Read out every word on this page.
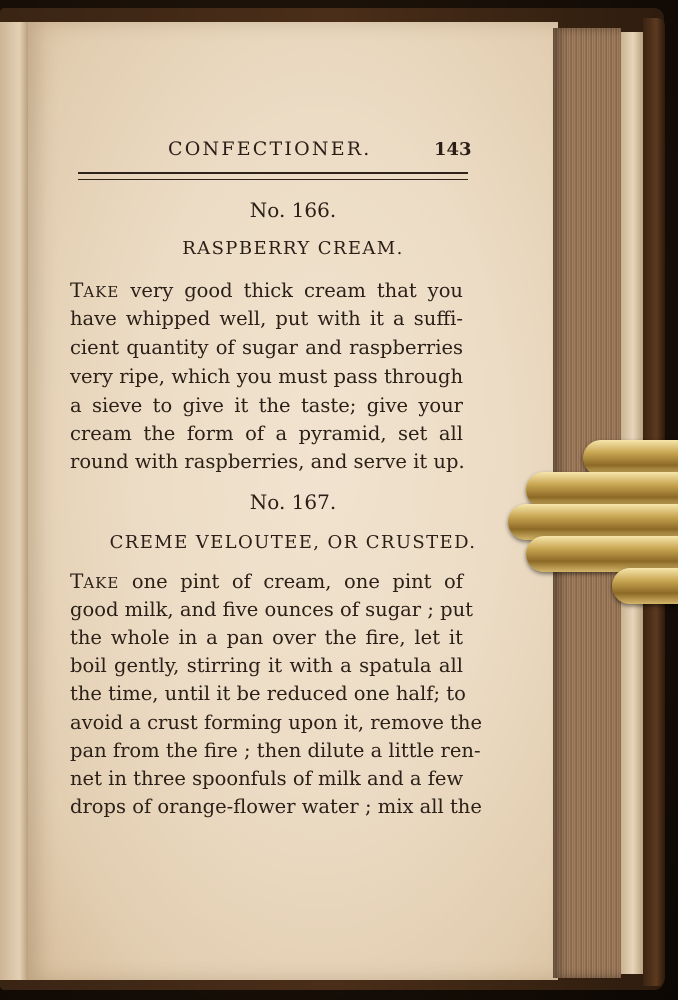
CONFECTIONER.	143
No. 166.
RASPBERRY CREAM.
TAKE very good thick cream that you
have whipped well, put with it a suffi-
cient quantity of sugar and raspberries
very ripe, which you must pass through
a sieve to give it the taste; give your
cream the form of a pyramid, set all
round with raspberries, and serve it up.
No. 167.
CREME VELOUTEE, OR CRUSTED.
TAKE one pint of cream, one pint of
good milk, and five ounces of sugar ; put
the whole in a pan over the fire, let it
boil gently, stirring it with a spatula all
the time, until it be reduced one half; to
avoid a crust forming upon it, remove the
pan from the fire ; then dilute a little ren-
net in three spoonfuls of milk and a few
drops of orange-flower water ; mix all the
